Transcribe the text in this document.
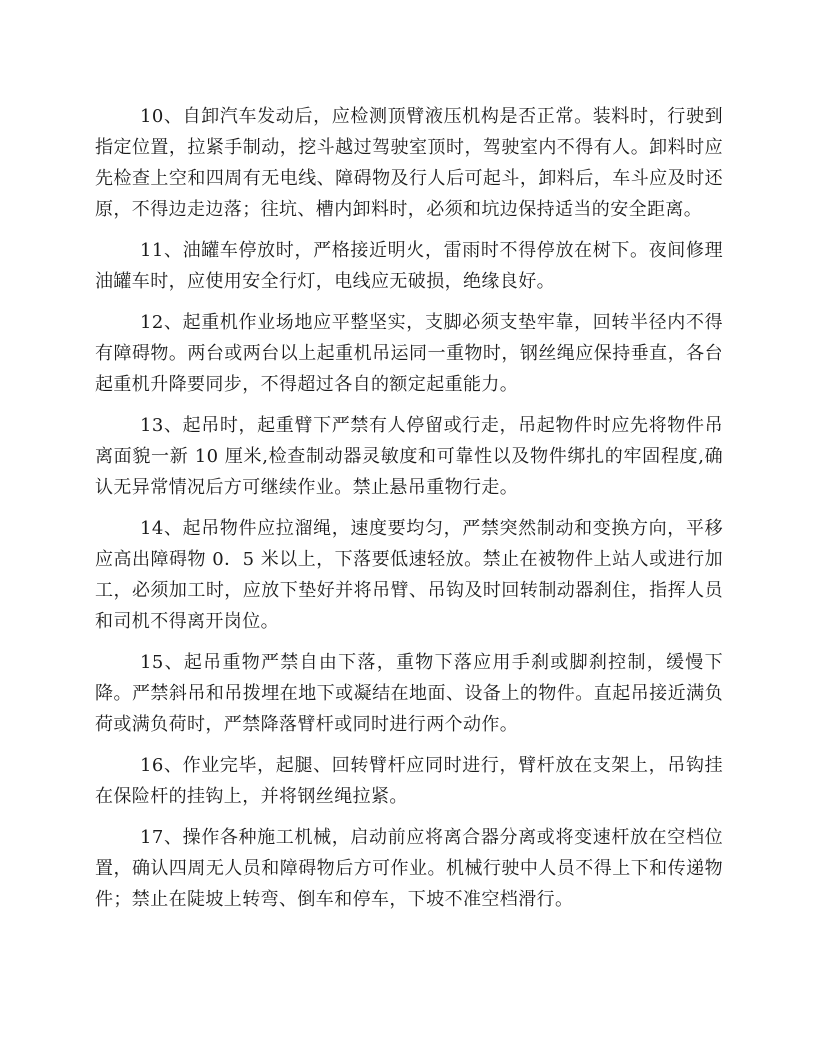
10、自卸汽车发动后，应检测顶臂液压机构是否正常。装料时，行驶到指定位置，拉紧手制动，挖斗越过驾驶室顶时，驾驶室内不得有人。卸料时应先检查上空和四周有无电线、障碍物及行人后可起斗，卸料后，车斗应及时还原，不得边走边落；往坑、槽内卸料时，必须和坑边保持适当的安全距离。

11、油罐车停放时，严格接近明火，雷雨时不得停放在树下。夜间修理油罐车时，应使用安全行灯，电线应无破损，绝缘良好。

12、起重机作业场地应平整坚实，支脚必须支垫牢靠，回转半径内不得有障碍物。两台或两台以上起重机吊运同一重物时，钢丝绳应保持垂直，各台起重机升降要同步，不得超过各自的额定起重能力。

13、起吊时，起重臂下严禁有人停留或行走，吊起物件时应先将物件吊离面貌一新 10 厘米,检查制动器灵敏度和可靠性以及物件绑扎的牢固程度,确认无异常情况后方可继续作业。禁止悬吊重物行走。

14、起吊物件应拉溜绳，速度要均匀，严禁突然制动和变换方向，平移应高出障碍物 0．5 米以上，下落要低速轻放。禁止在被物件上站人或进行加工，必须加工时，应放下垫好并将吊臂、吊钩及时回转制动器刹住，指挥人员和司机不得离开岗位。

15、起吊重物严禁自由下落，重物下落应用手刹或脚刹控制，缓慢下降。严禁斜吊和吊拨埋在地下或凝结在地面、设备上的物件。直起吊接近满负荷或满负荷时，严禁降落臂杆或同时进行两个动作。

16、作业完毕，起腿、回转臂杆应同时进行，臂杆放在支架上，吊钩挂在保险杆的挂钩上，并将钢丝绳拉紧。

17、操作各种施工机械，启动前应将离合器分离或将变速杆放在空档位置，确认四周无人员和障碍物后方可作业。机械行驶中人员不得上下和传递物件；禁止在陡坡上转弯、倒车和停车，下坡不准空档滑行。
